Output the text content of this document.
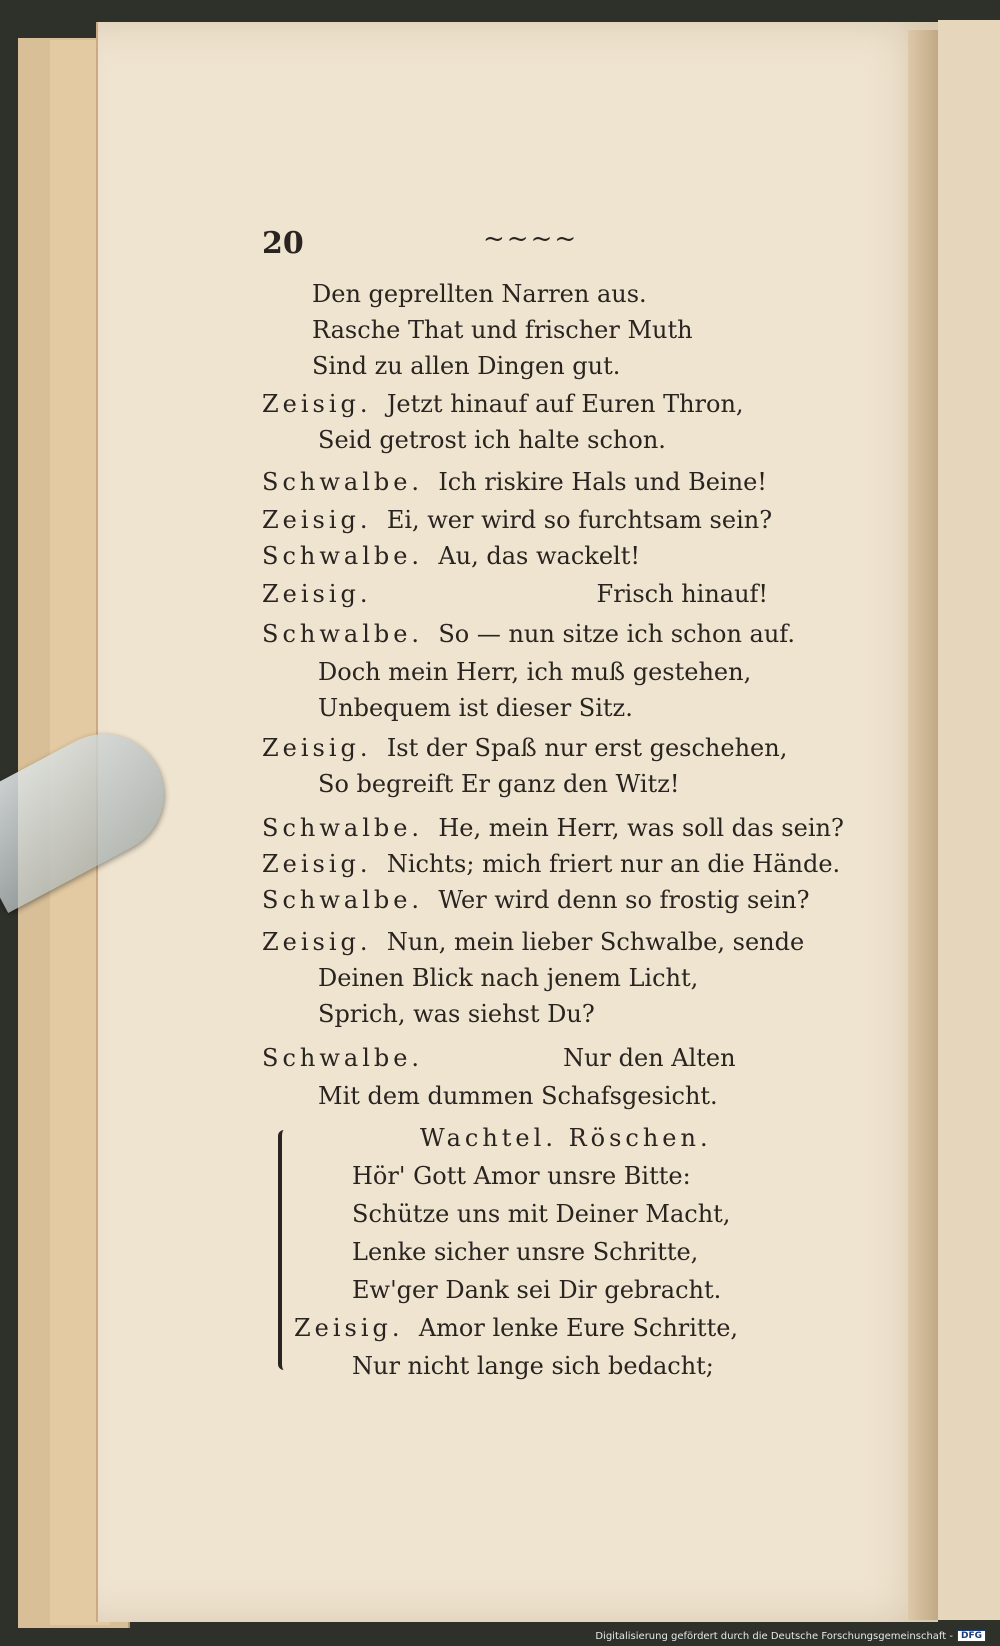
20	~~~~
Den geprellten Narren aus.
Rasche That und frischer Muth
Sind zu allen Dingen gut.
Zeisig. Jetzt hinauf auf Euren Thron,
Seid getrost ich halte schon.
Schwalbe. Ich riskire Hals und Beine!
Zeisig. Ei, wer wird so furchtsam sein?
Schwalbe. Au, das wackelt!
Zeisig.	Frisch hinauf!
Schwalbe. So — nun sitze ich schon auf.
Doch mein Herr, ich muß gestehen,
Unbequem ist dieser Sitz.
Zeisig. Ist der Spaß nur erst geschehen,
So begreift Er ganz den Witz!
Schwalbe. He, mein Herr, was soll das sein?
Zeisig. Nichts; mich friert nur an die Hände.
Schwalbe. Wer wird denn so frostig sein?
Zeisig. Nun, mein lieber Schwalbe, sende
Deinen Blick nach jenem Licht,
Sprich, was siehst Du?
Schwalbe.	Nur den Alten
Mit dem dummen Schafsgesicht.
Wachtel. Röschen.
Hör' Gott Amor unsre Bitte:
Schütze uns mit Deiner Macht,
Lenke sicher unsre Schritte,
Ew'ger Dank sei Dir gebracht.
Zeisig. Amor lenke Eure Schritte,
Nur nicht lange sich bedacht;
Digitalisierung gefördert durch die Deutsche Forschungsgemeinschaft - DFG
